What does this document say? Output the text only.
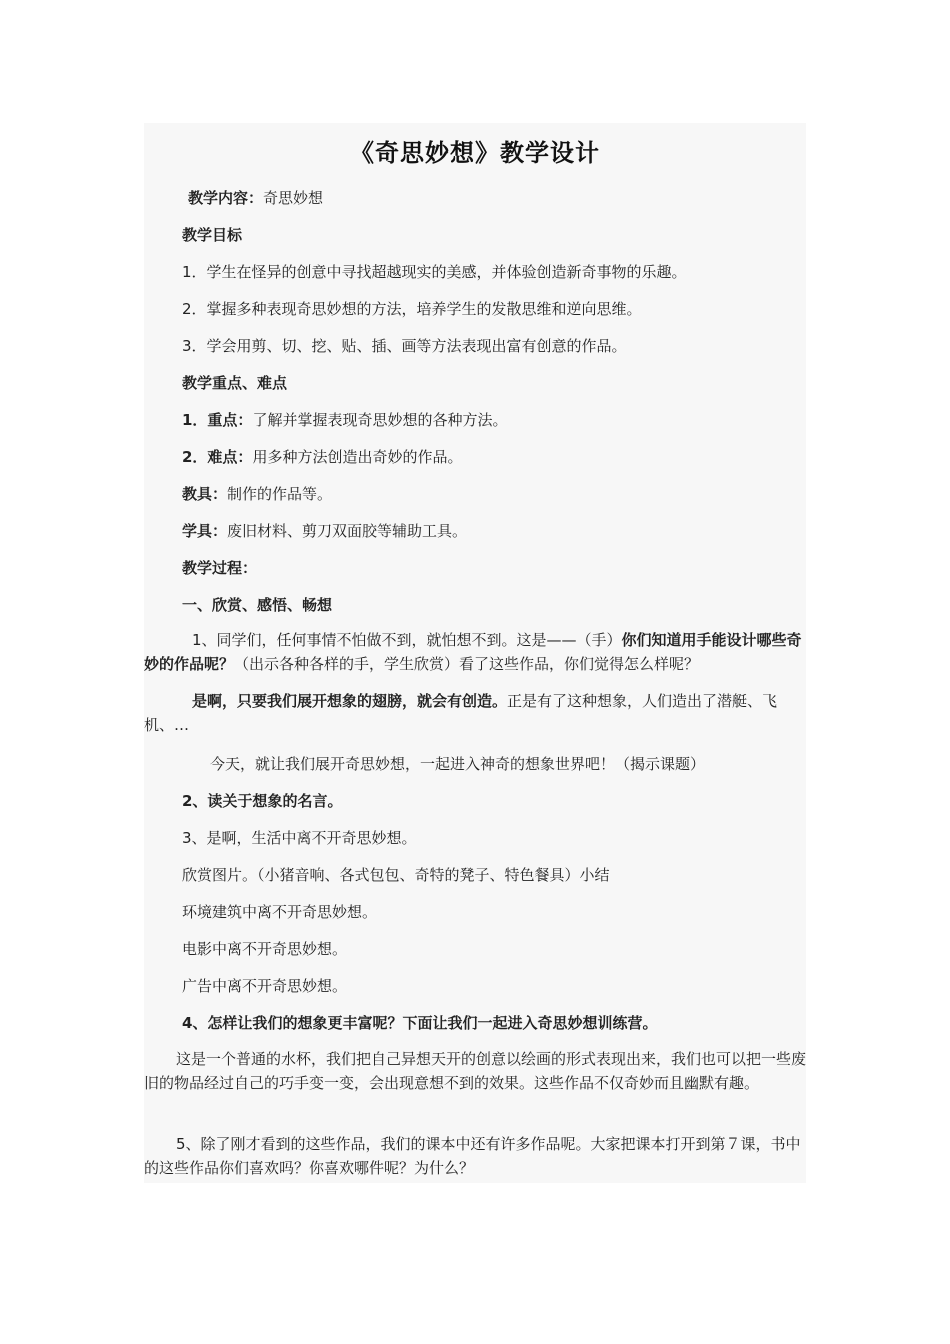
《奇思妙想》教学设计
教学内容：奇思妙想
教学目标
1．学生在怪异的创意中寻找超越现实的美感，并体验创造新奇事物的乐趣。
2．掌握多种表现奇思妙想的方法，培养学生的发散思维和逆向思维。
3．学会用剪、切、挖、贴、插、画等方法表现出富有创意的作品。
教学重点、难点
1．重点：了解并掌握表现奇思妙想的各种方法。
2．难点：用多种方法创造出奇妙的作品。
教具：制作的作品等。
学具：废旧材料、剪刀双面胶等辅助工具。
教学过程：
一、欣赏、感悟、畅想
1、同学们，任何事情不怕做不到，就怕想不到。这是——（手）你们知道用手能设计哪些奇妙的作品呢？（出示各种各样的手，学生欣赏）看了这些作品，你们觉得怎么样呢？
是啊，只要我们展开想象的翅膀，就会有创造。正是有了这种想象，人们造出了潜艇、飞机、…
今天，就让我们展开奇思妙想，一起进入神奇的想象世界吧！（揭示课题）
2、读关于想象的名言。
3、是啊，生活中离不开奇思妙想。
欣赏图片。（小猪音响、各式包包、奇特的凳子、特色餐具）小结
环境建筑中离不开奇思妙想。
电影中离不开奇思妙想。
广告中离不开奇思妙想。
4、怎样让我们的想象更丰富呢？下面让我们一起进入奇思妙想训练营。
这是一个普通的水杯，我们把自己异想天开的创意以绘画的形式表现出来，我们也可以把一些废旧的物品经过自己的巧手变一变，会出现意想不到的效果。这些作品不仅奇妙而且幽默有趣。
5、除了刚才看到的这些作品，我们的课本中还有许多作品呢。大家把课本打开到第７课，书中的这些作品你们喜欢吗？你喜欢哪件呢？为什么？
